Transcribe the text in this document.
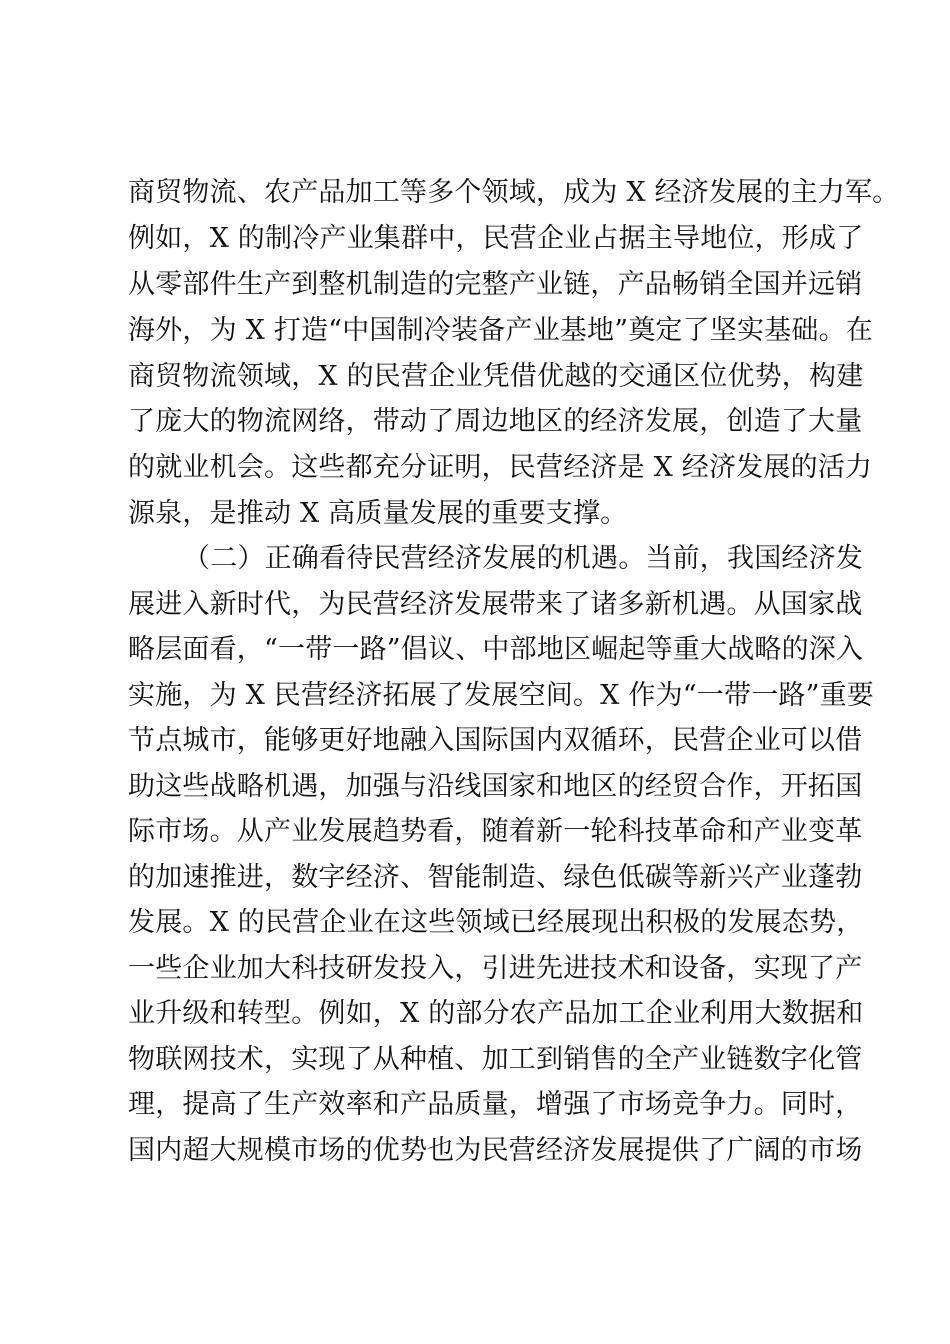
商贸物流、农产品加工等多个领域，成为 X 经济发展的主力军。
例如，X 的制冷产业集群中，民营企业占据主导地位，形成了
从零部件生产到整机制造的完整产业链，产品畅销全国并远销
海外，为 X 打造“中国制冷装备产业基地”奠定了坚实基础。在
商贸物流领域，X 的民营企业凭借优越的交通区位优势，构建
了庞大的物流网络，带动了周边地区的经济发展，创造了大量
的就业机会。这些都充分证明，民营经济是 X 经济发展的活力
源泉，是推动 X 高质量发展的重要支撑。
（二）正确看待民营经济发展的机遇。当前，我国经济发
展进入新时代，为民营经济发展带来了诸多新机遇。从国家战
略层面看，“一带一路”倡议、中部地区崛起等重大战略的深入
实施，为 X 民营经济拓展了发展空间。X 作为“一带一路”重要
节点城市，能够更好地融入国际国内双循环，民营企业可以借
助这些战略机遇，加强与沿线国家和地区的经贸合作，开拓国
际市场。从产业发展趋势看，随着新一轮科技革命和产业变革
的加速推进，数字经济、智能制造、绿色低碳等新兴产业蓬勃
发展。X 的民营企业在这些领域已经展现出积极的发展态势，
一些企业加大科技研发投入，引进先进技术和设备，实现了产
业升级和转型。例如，X 的部分农产品加工企业利用大数据和
物联网技术，实现了从种植、加工到销售的全产业链数字化管
理，提高了生产效率和产品质量，增强了市场竞争力。同时，
国内超大规模市场的优势也为民营经济发展提供了广阔的市场
